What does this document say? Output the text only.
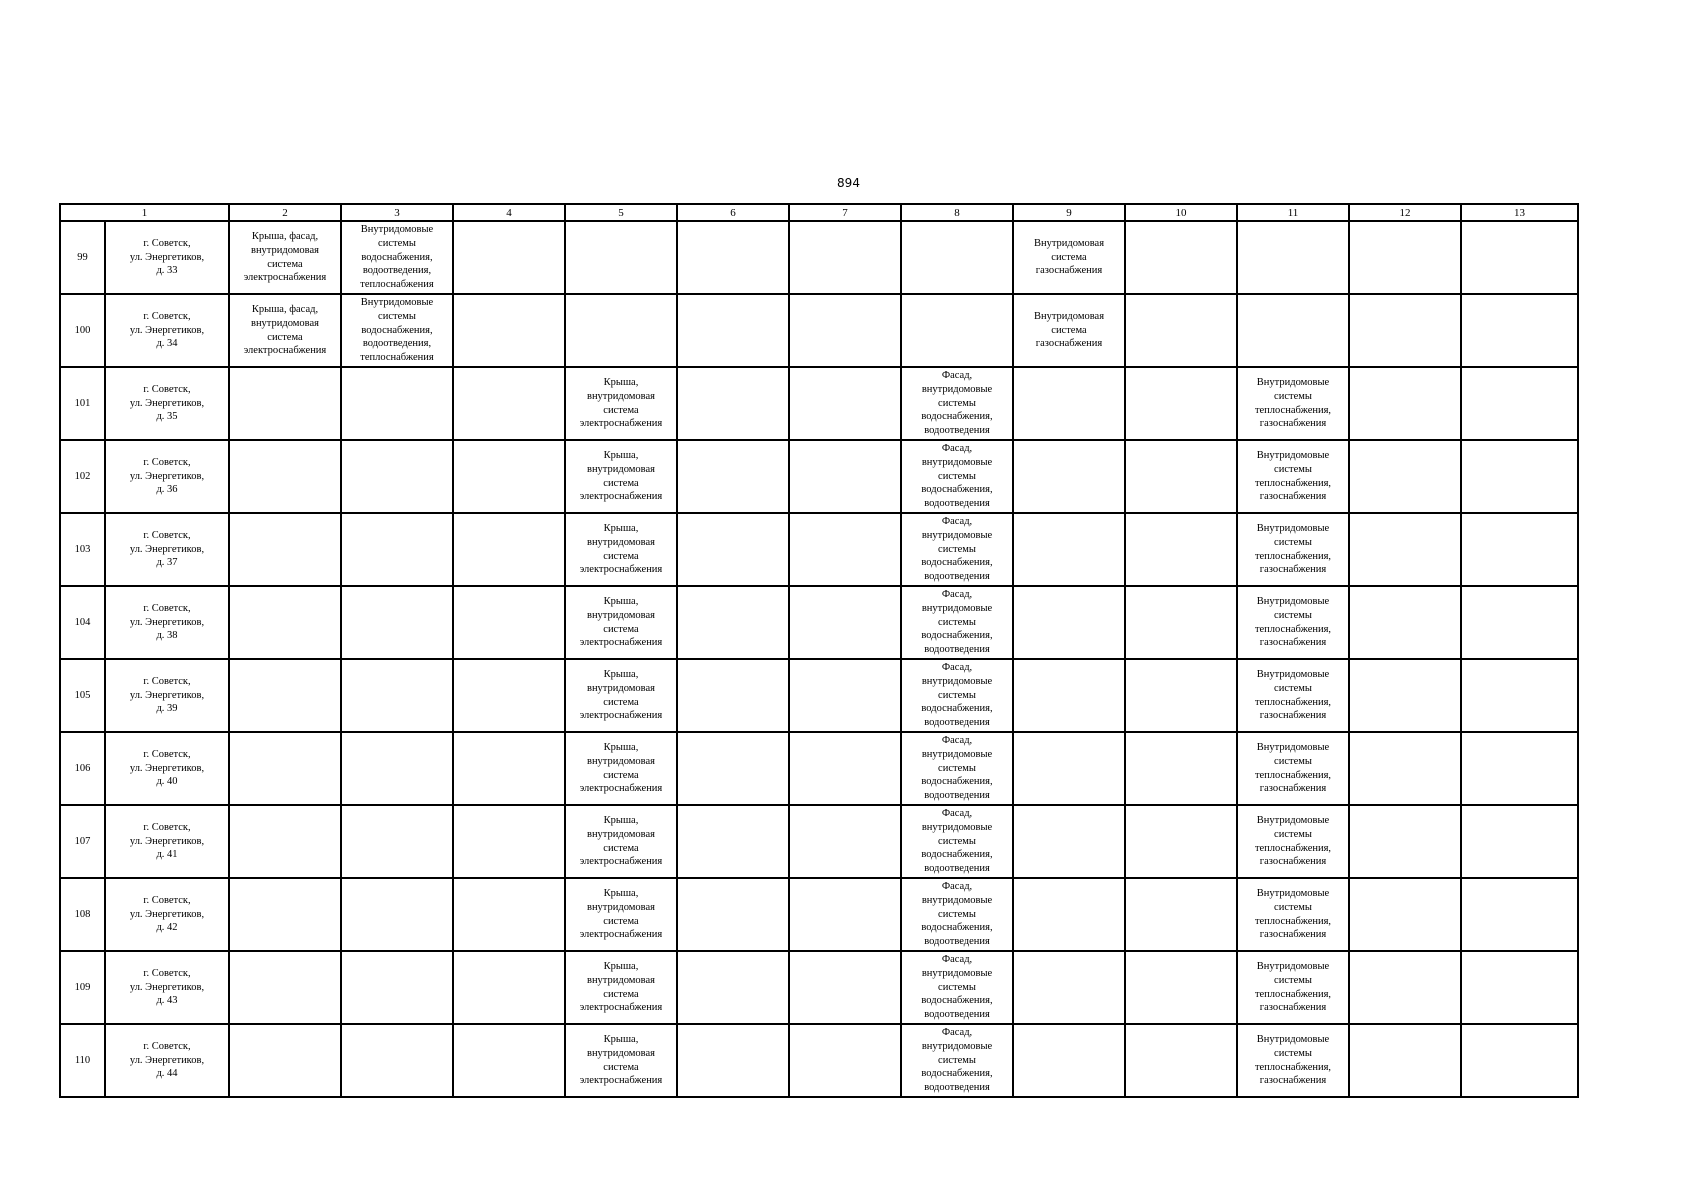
894
1		2	3	4	5	6	7	8	9	10	11	12	13
99	г. Советск,
ул. Энергетиков,
д. 33	Крыша, фасад,
внутридомовая
система
электроснабжения	Внутридомовые
системы
водоснабжения,
водоотведения,
теплоснабжения						Внутридомовая
система
газоснабжения				
100	г. Советск,
ул. Энергетиков,
д. 34	Крыша, фасад,
внутридомовая
система
электроснабжения	Внутридомовые
системы
водоснабжения,
водоотведения,
теплоснабжения						Внутридомовая
система
газоснабжения				
101	г. Советск,
ул. Энергетиков,
д. 35				Крыша,
внутридомовая
система
электроснабжения			Фасад,
внутридомовые
системы
водоснабжения,
водоотведения			Внутридомовые
системы
теплоснабжения,
газоснабжения		
102	г. Советск,
ул. Энергетиков,
д. 36				Крыша,
внутридомовая
система
электроснабжения			Фасад,
внутридомовые
системы
водоснабжения,
водоотведения			Внутридомовые
системы
теплоснабжения,
газоснабжения		
103	г. Советск,
ул. Энергетиков,
д. 37				Крыша,
внутридомовая
система
электроснабжения			Фасад,
внутридомовые
системы
водоснабжения,
водоотведения			Внутридомовые
системы
теплоснабжения,
газоснабжения		
104	г. Советск,
ул. Энергетиков,
д. 38				Крыша,
внутридомовая
система
электроснабжения			Фасад,
внутридомовые
системы
водоснабжения,
водоотведения			Внутридомовые
системы
теплоснабжения,
газоснабжения		
105	г. Советск,
ул. Энергетиков,
д. 39				Крыша,
внутридомовая
система
электроснабжения			Фасад,
внутридомовые
системы
водоснабжения,
водоотведения			Внутридомовые
системы
теплоснабжения,
газоснабжения		
106	г. Советск,
ул. Энергетиков,
д. 40				Крыша,
внутридомовая
система
электроснабжения			Фасад,
внутридомовые
системы
водоснабжения,
водоотведения			Внутридомовые
системы
теплоснабжения,
газоснабжения		
107	г. Советск,
ул. Энергетиков,
д. 41				Крыша,
внутридомовая
система
электроснабжения			Фасад,
внутридомовые
системы
водоснабжения,
водоотведения			Внутридомовые
системы
теплоснабжения,
газоснабжения		
108	г. Советск,
ул. Энергетиков,
д. 42				Крыша,
внутридомовая
система
электроснабжения			Фасад,
внутридомовые
системы
водоснабжения,
водоотведения			Внутридомовые
системы
теплоснабжения,
газоснабжения		
109	г. Советск,
ул. Энергетиков,
д. 43				Крыша,
внутридомовая
система
электроснабжения			Фасад,
внутридомовые
системы
водоснабжения,
водоотведения			Внутридомовые
системы
теплоснабжения,
газоснабжения		
110	г. Советск,
ул. Энергетиков,
д. 44				Крыша,
внутридомовая
система
электроснабжения			Фасад,
внутридомовые
системы
водоснабжения,
водоотведения			Внутридомовые
системы
теплоснабжения,
газоснабжения		
